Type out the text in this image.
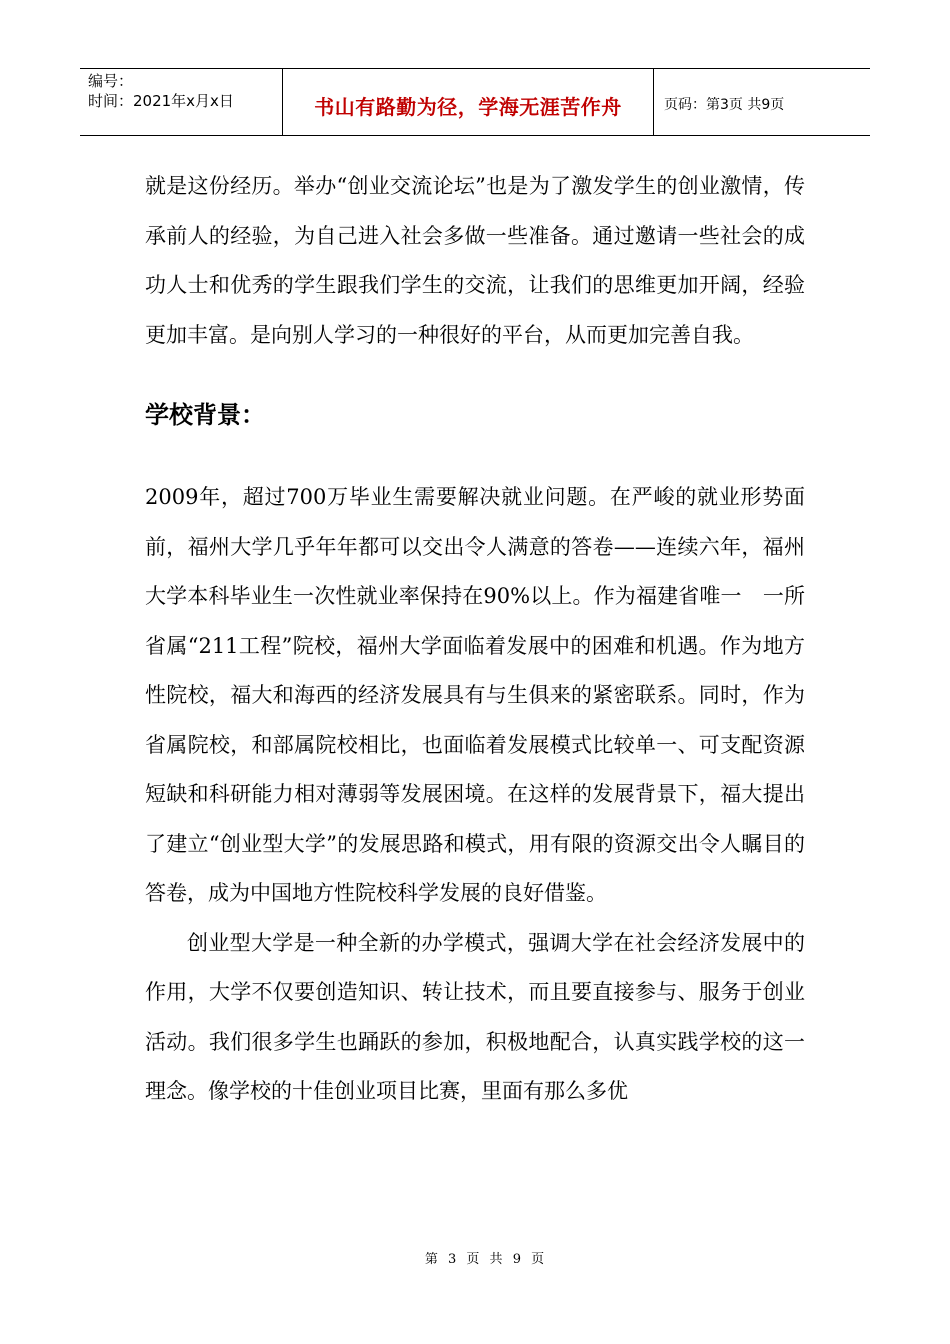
编号：
时间：2021年x月x日	书山有路勤为径，学海无涯苦作舟	页码：第3页 共9页

就是这份经历。举办“创业交流论坛”也是为了激发学生的创业激情，传承前人的经验，为自己进入社会多做一些准备。通过邀请一些社会的成功人士和优秀的学生跟我们学生的交流，让我们的思维更加开阔，经验更加丰富。是向别人学习的一种很好的平台，从而更加完善自我。

学校背景：

2009年，超过700万毕业生需要解决就业问题。在严峻的就业形势面前，福州大学几乎年年都可以交出令人满意的答卷——连续六年，福州大学本科毕业生一次性就业率保持在90%以上。作为福建省唯一　一所省属“211工程”院校，福州大学面临着发展中的困难和机遇。作为地方性院校，福大和海西的经济发展具有与生俱来的紧密联系。同时，作为省属院校，和部属院校相比，也面临着发展模式比较单一、可支配资源短缺和科研能力相对薄弱等发展困境。在这样的发展背景下，福大提出了建立“创业型大学”的发展思路和模式，用有限的资源交出令人瞩目的答卷，成为中国地方性院校科学发展的良好借鉴。

创业型大学是一种全新的办学模式，强调大学在社会经济发展中的作用，大学不仅要创造知识、转让技术，而且要直接参与、服务于创业活动。我们很多学生也踊跃的参加，积极地配合，认真实践学校的这一理念。像学校的十佳创业项目比赛，里面有那么多优

第 3 页 共 9 页
